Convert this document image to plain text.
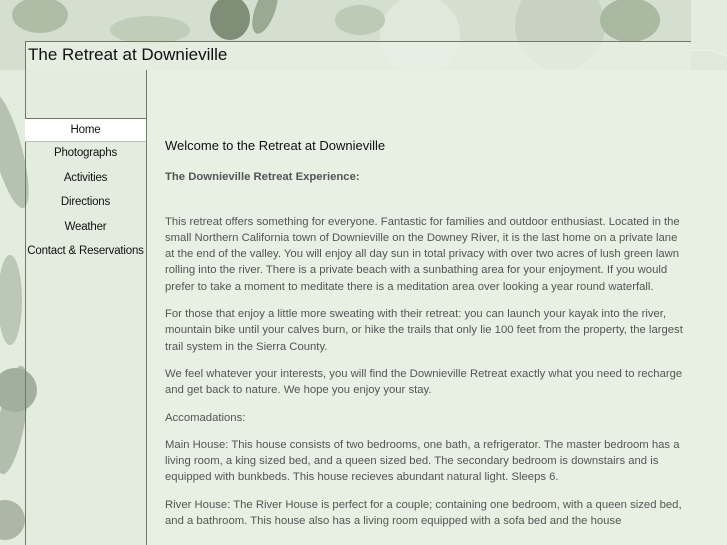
The Retreat at Downieville
Home
Photographs
Activities
Directions
Weather
Contact & Reservations
Welcome to the Retreat at Downieville
The Downieville Retreat Experience:

This retreat offers something for everyone. Fantastic for families and outdoor enthusiast. Located in the small Northern California town of Downieville on the Downey River, it is the last home on a private lane at the end of the valley. You will enjoy all day sun in total privacy with over two acres of lush green lawn rolling into the river. There is a private beach with a sunbathing area for your enjoyment. If you would prefer to take a moment to meditate there is a meditation area over looking a year round waterfall.

For those that enjoy a little more sweating with their retreat: you can launch your kayak into the river, mountain bike until your calves burn, or hike the trails that only lie 100 feet from the property, the largest trail system in the Sierra County.

We feel whatever your interests, you will find the Downieville Retreat exactly what you need to recharge and get back to nature. We hope you enjoy your stay.

Accomadations:

Main House: This house consists of two bedrooms, one bath, a refrigerator. The master bedroom has a living room, a king sized bed, and a queen sized bed. The secondary bedroom is downstairs and is equipped with bunkbeds. This house recieves abundant natural light. Sleeps 6.

River House: The River House is perfect for a couple; containing one bedroom, with a queen sized bed, and a bathroom. This house also has a living room equipped with a sofa bed and the house
